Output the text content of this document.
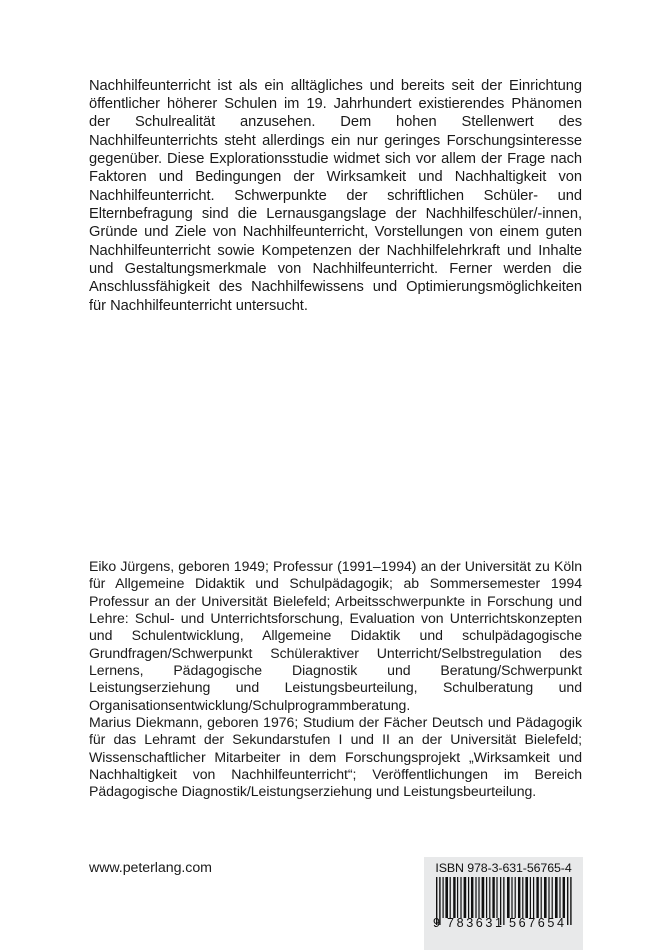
Nachhilfeunterricht ist als ein alltägliches und bereits seit der Einrichtung öffentlicher höherer Schulen im 19. Jahrhundert existierendes Phänomen der Schulrealität anzusehen. Dem hohen Stellenwert des Nachhilfeunterrichts steht allerdings ein nur geringes Forschungsinteresse gegenüber. Diese Explorationsstudie widmet sich vor allem der Frage nach Faktoren und Bedingungen der Wirksamkeit und Nachhaltigkeit von Nachhilfeunterricht. Schwerpunkte der schriftlichen Schüler- und Elternbefragung sind die Lernausgangslage der Nachhilfeschüler/-innen, Gründe und Ziele von Nachhilfeunterricht, Vorstellungen von einem guten Nachhilfeunterricht sowie Kompetenzen der Nachhilfelehrkraft und Inhalte und Gestaltungsmerkmale von Nachhilfeunterricht. Ferner werden die Anschlussfähigkeit des Nachhilfewissens und Optimierungsmöglichkeiten für Nachhilfeunterricht untersucht.

Eiko Jürgens, geboren 1949; Professur (1991–1994) an der Universität zu Köln für Allgemeine Didaktik und Schulpädagogik; ab Sommersemester 1994 Professur an der Universität Bielefeld; Arbeitsschwerpunkte in Forschung und Lehre: Schul- und Unterrichtsforschung, Evaluation von Unterrichtskonzepten und Schulentwicklung, Allgemeine Didaktik und schulpädagogische Grundfragen/Schwerpunkt Schüleraktiver Unterricht/Selbstregulation des Lernens, Pädagogische Diagnostik und Beratung/Schwerpunkt Leistungserziehung und Leistungsbeurteilung, Schulberatung und Organisationsentwicklung/Schulprogrammberatung.

Marius Diekmann, geboren 1976; Studium der Fächer Deutsch und Pädagogik für das Lehramt der Sekundarstufen I und II an der Universität Bielefeld; Wissenschaftlicher Mitarbeiter in dem Forschungsprojekt „Wirksamkeit und Nachhaltigkeit von Nachhilfeunterricht“; Veröffentlichungen im Bereich Pädagogische Diagnostik/Leistungserziehung und Leistungsbeurteilung.

www.peterlang.com	ISBN 978-3-631-56765-4
9 783631 567654
